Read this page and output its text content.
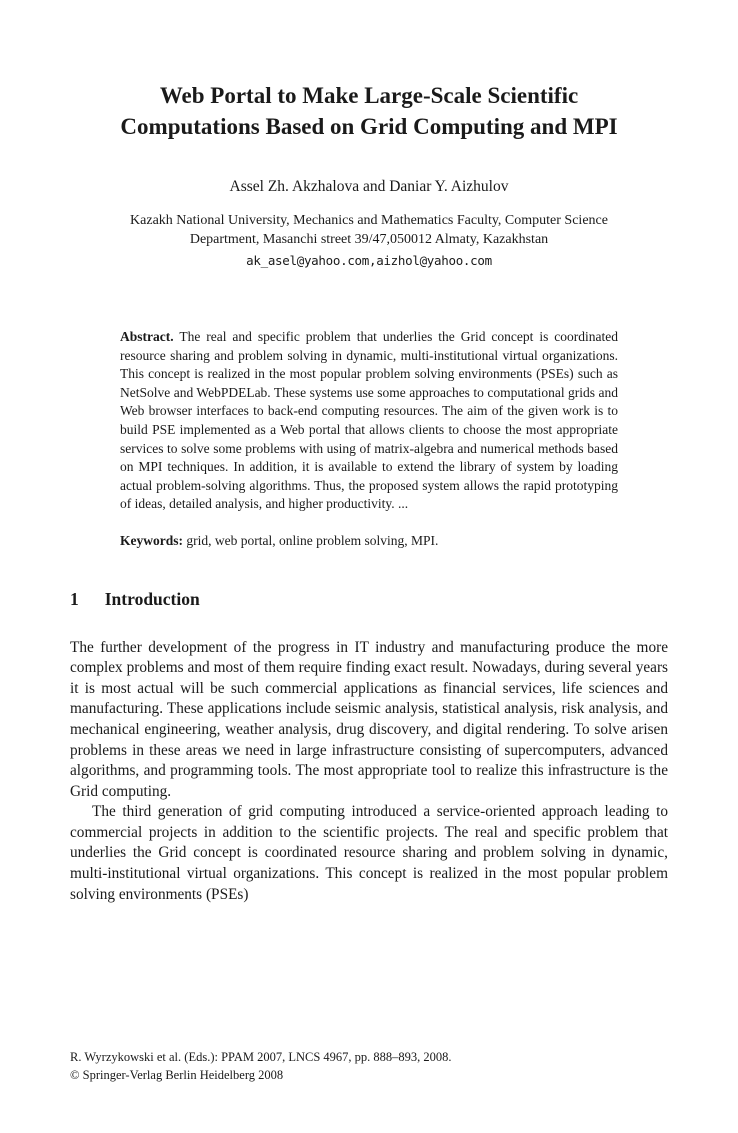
Web Portal to Make Large-Scale Scientific Computations Based on Grid Computing and MPI
Assel Zh. Akzhalova and Daniar Y. Aizhulov
Kazakh National University, Mechanics and Mathematics Faculty, Computer Science
Department, Masanchi street 39/47,050012 Almaty, Kazakhstan
ak_asel@yahoo.com,aizhol@yahoo.com

Abstract. The real and specific problem that underlies the Grid concept is coordinated resource sharing and problem solving in dynamic, multi-institutional virtual organizations. This concept is realized in the most popular problem solving environments (PSEs) such as NetSolve and WebPDELab. These systems use some approaches to computational grids and Web browser interfaces to back-end computing resources. The aim of the given work is to build PSE implemented as a Web portal that allows clients to choose the most appropriate services to solve some problems with using of matrix-algebra and numerical methods based on MPI techniques. In addition, it is available to extend the library of system by loading actual problem-solving algorithms. Thus, the proposed system allows the rapid prototyping of ideas, detailed analysis, and higher productivity. ...

Keywords: grid, web portal, online problem solving, MPI.

1 Introduction

The further development of the progress in IT industry and manufacturing produce the more complex problems and most of them require finding exact result. Nowadays, during several years it is most actual will be such commercial applications as financial services, life sciences and manufacturing. These applications include seismic analysis, statistical analysis, risk analysis, and mechanical engineering, weather analysis, drug discovery, and digital rendering. To solve arisen problems in these areas we need in large infrastructure consisting of supercomputers, advanced algorithms, and programming tools. The most appropriate tool to realize this infrastructure is the Grid computing.

The third generation of grid computing introduced a service-oriented approach leading to commercial projects in addition to the scientific projects. The real and specific problem that underlies the Grid concept is coordinated resource sharing and problem solving in dynamic, multi-institutional virtual organizations. This concept is realized in the most popular problem solving environments (PSEs)

R. Wyrzykowski et al. (Eds.): PPAM 2007, LNCS 4967, pp. 888–893, 2008.
© Springer-Verlag Berlin Heidelberg 2008
